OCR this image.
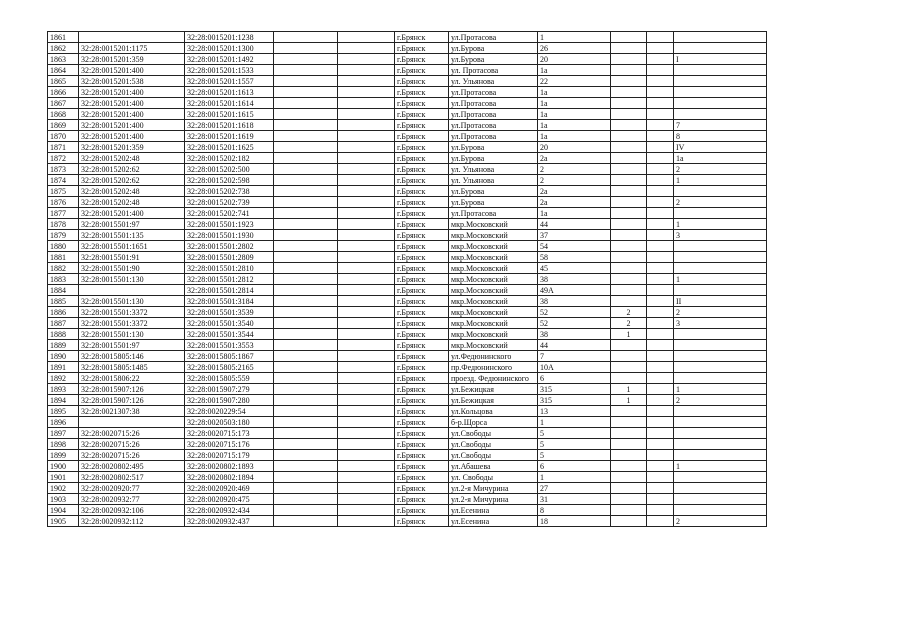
1861		32:28:0015201:1238			г.Брянск	ул.Протасова	1			
1862	32:28:0015201:1175	32:28:0015201:1300			г.Брянск	ул.Бурова	26			
1863	32:28:0015201:359	32:28:0015201:1492			г.Брянск	ул.Бурова	20			I
1864	32:28:0015201:400	32:28:0015201:1533			г.Брянск	ул. Протасова	1а			
1865	32:28:0015201:538	32:28:0015201:1557			г.Брянск	ул. Ульянова	22			
1866	32:28:0015201:400	32:28:0015201:1613			г.Брянск	ул.Протасова	1а			
1867	32:28:0015201:400	32:28:0015201:1614			г.Брянск	ул.Протасова	1а			
1868	32:28:0015201:400	32:28:0015201:1615			г.Брянск	ул.Протасова	1а			
1869	32:28:0015201:400	32:28:0015201:1618			г.Брянск	ул.Протасова	1а			7
1870	32:28:0015201:400	32:28:0015201:1619			г.Брянск	ул.Протасова	1а			8
1871	32:28:0015201:359	32:28:0015201:1625			г.Брянск	ул.Бурова	20			IV
1872	32:28:0015202:48	32:28:0015202:182			г.Брянск	ул.Бурова	2а			1а
1873	32:28:0015202:62	32:28:0015202:500			г.Брянск	ул. Ульянова	2			2
1874	32:28:0015202:62	32:28:0015202:598			г.Брянск	ул. Ульянова	2			1
1875	32:28:0015202:48	32:28:0015202:738			г.Брянск	ул.Бурова	2а			
1876	32:28:0015202:48	32:28:0015202:739			г.Брянск	ул.Бурова	2а			2
1877	32:28:0015201:400	32:28:0015202:741			г.Брянск	ул.Протасова	1а			
1878	32:28:0015501:97	32:28:0015501:1923			г.Брянск	мкр.Московский	44			1
1879	32:28:0015501:135	32:28:0015501:1930			г.Брянск	мкр.Московский	37			3
1880	32:28:0015501:1651	32:28:0015501:2802			г.Брянск	мкр.Московский	54			
1881	32:28:0015501:91	32:28:0015501:2809			г.Брянск	мкр.Московский	58			
1882	32:28:0015501:90	32:28:0015501:2810			г.Брянск	мкр.Московский	45			
1883	32:28:0015501:130	32:28:0015501:2812			г.Брянск	мкр.Московский	38			1
1884		32:28:0015501:2814			г.Брянск	мкр.Московский	49А			
1885	32:28:0015501:130	32:28:0015501:3184			г.Брянск	мкр.Московский	38			II
1886	32:28:0015501:3372	32:28:0015501:3539			г.Брянск	мкр.Московский	52	2		2
1887	32:28:0015501:3372	32:28:0015501:3540			г.Брянск	мкр.Московский	52	2		3
1888	32:28:0015501:130	32:28:0015501:3544			г.Брянск	мкр.Московский	38	1		
1889	32:28:0015501:97	32:28:0015501:3553			г.Брянск	мкр.Московский	44			
1890	32:28:0015805:146	32:28:0015805:1867			г.Брянск	ул.Федюнинского	7			
1891	32:28:0015805:1485	32:28:0015805:2165			г.Брянск	пр.Федюнинского	10А			
1892	32:28:0015806:22	32:28:0015805:559			г.Брянск	проезд. Федюнинского	6			
1893	32:28:0015907:126	32:28:0015907:279			г.Брянск	ул.Бежицкая	315	1		1
1894	32:28:0015907:126	32:28:0015907:280			г.Брянск	ул.Бежицкая	315	1		2
1895	32:28:0021307:38	32:28:0020229:54			г.Брянск	ул.Кольцова	13			
1896		32:28:0020503:180			г.Брянск	б-р.Щорса	1			
1897	32:28:0020715:26	32:28:0020715:173			г.Брянск	ул.Свободы	5			
1898	32:28:0020715:26	32:28:0020715:176			г.Брянск	ул.Свободы	5			
1899	32:28:0020715:26	32:28:0020715:179			г.Брянск	ул.Свободы	5			
1900	32:28:0020802:495	32:28:0020802:1893			г.Брянск	ул.Абашева	6			1
1901	32:28:0020802:517	32:28:0020802:1894			г.Брянск	ул. Свободы	1			
1902	32:28:0020920:77	32:28:0020920:469			г.Брянск	ул.2-я Мичурина	27			
1903	32:28:0020932:77	32:28:0020920:475			г.Брянск	ул.2-я Мичурина	31			
1904	32:28:0020932:106	32:28:0020932:434			г.Брянск	ул.Есенина	8			
1905	32:28:0020932:112	32:28:0020932:437			г.Брянск	ул.Есенина	18			2
